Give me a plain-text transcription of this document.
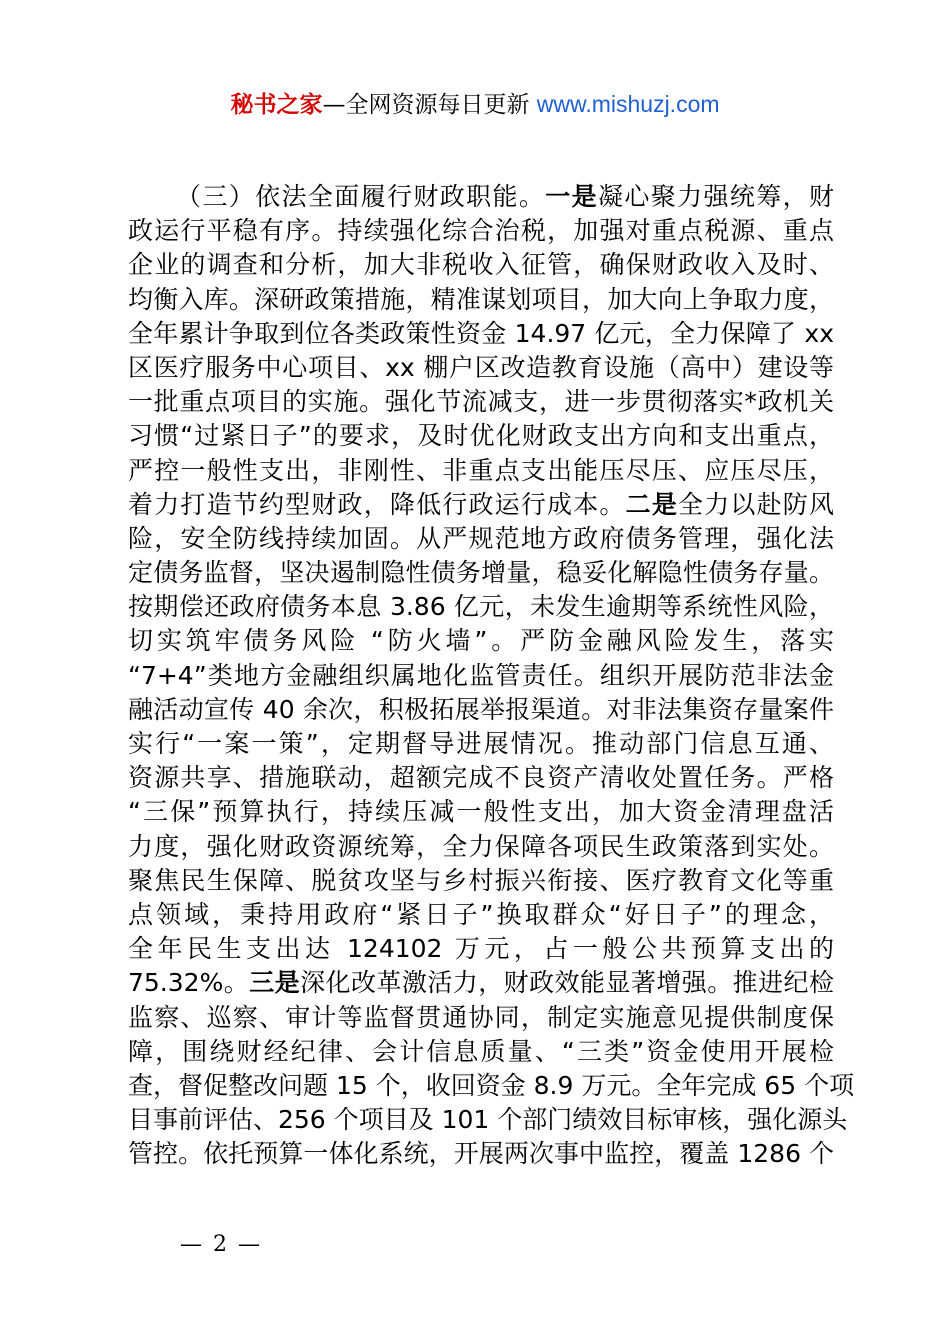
秘书之家—全网资源每日更新 www.mishuzj.com
（三）依法全面履行财政职能。一是凝心聚力强统筹，财
政运行平稳有序。持续强化综合治税，加强对重点税源、重点
企业的调查和分析，加大非税收入征管，确保财政收入及时、
均衡入库。深研政策措施，精准谋划项目，加大向上争取力度，
全年累计争取到位各类政策性资金 14.97 亿元，全力保障了 xx
区医疗服务中心项目、xx 棚户区改造教育设施（高中）建设等
一批重点项目的实施。强化节流减支，进一步贯彻落实*政机关
习惯“过紧日子”的要求，及时优化财政支出方向和支出重点，
严控一般性支出，非刚性、非重点支出能压尽压、应压尽压，
着力打造节约型财政，降低行政运行成本。二是全力以赴防风
险，安全防线持续加固。从严规范地方政府债务管理，强化法
定债务监督，坚决遏制隐性债务增量，稳妥化解隐性债务存量。
按期偿还政府债务本息 3.86 亿元，未发生逾期等系统性风险，
切实筑牢债务风险 “防火墙”。严防金融风险发生，落实
“7+4”类地方金融组织属地化监管责任。组织开展防范非法金
融活动宣传 40 余次，积极拓展举报渠道。对非法集资存量案件
实行“一案一策”，定期督导进展情况。推动部门信息互通、
资源共享、措施联动，超额完成不良资产清收处置任务。严格
“三保”预算执行，持续压减一般性支出，加大资金清理盘活
力度，强化财政资源统筹，全力保障各项民生政策落到实处。
聚焦民生保障、脱贫攻坚与乡村振兴衔接、医疗教育文化等重
点领域，秉持用政府“紧日子”换取群众“好日子”的理念，
全年民生支出达 124102 万元，占一般公共预算支出的
75.32%。三是深化改革激活力，财政效能显著增强。推进纪检
监察、巡察、审计等监督贯通协同，制定实施意见提供制度保
障，围绕财经纪律、会计信息质量、“三类”资金使用开展检
查，督促整改问题 15 个，收回资金 8.9 万元。全年完成 65 个项
目事前评估、256 个项目及 101 个部门绩效目标审核，强化源头
管控。依托预算一体化系统，开展两次事中监控，覆盖 1286 个
— 2 —
